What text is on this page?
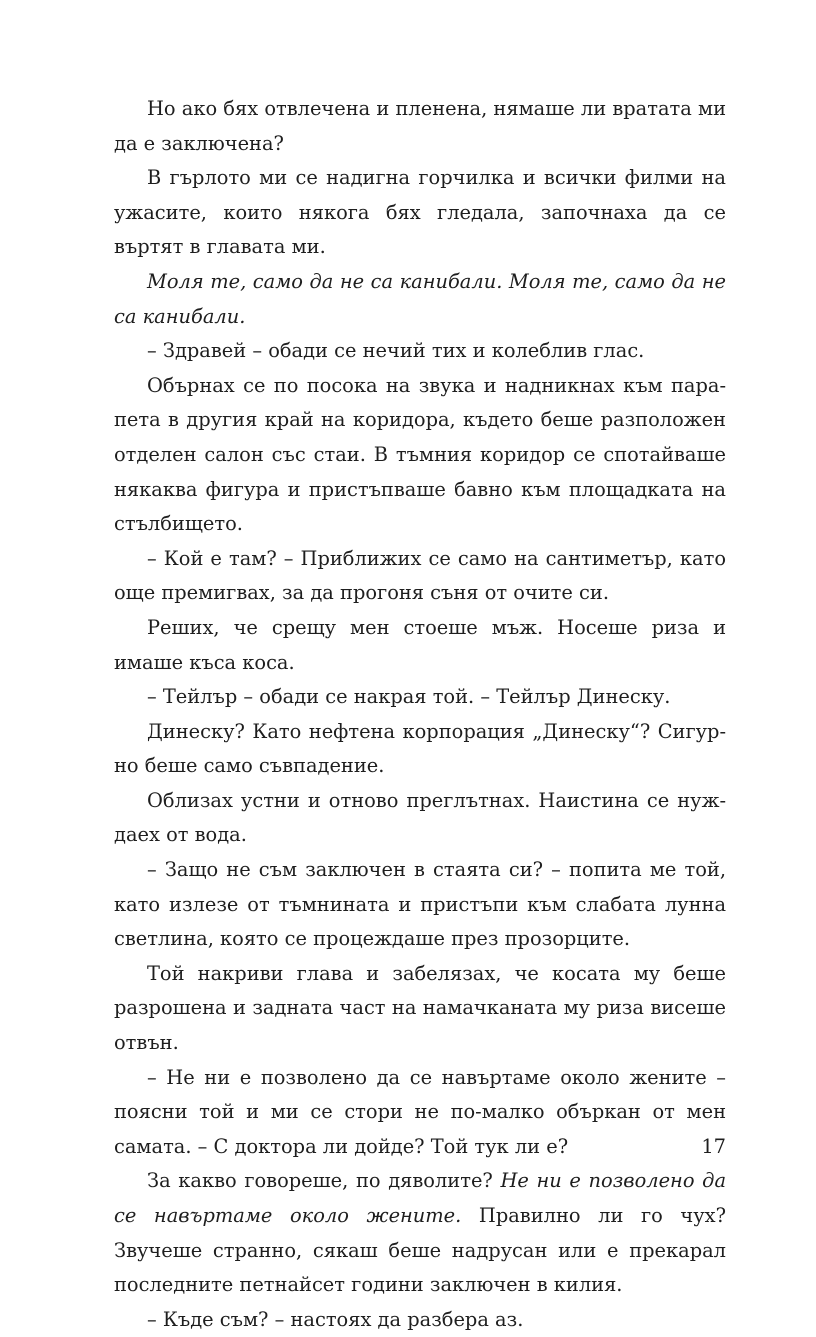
Но ако бях отвлечена и пленена, нямаше ли вратата ми да е заключена?

В гърлото ми се надигна горчилка и всички филми на ужасите, които някога бях гледала, започнаха да се въртят в главата ми.

Моля те, само да не са канибали. Моля те, само да не са канибали.

– Здравей – обади се нечий тих и колеблив глас.

Обърнах се по посока на звука и надникнах към парапета в другия край на коридора, където беше разположен отделен салон със стаи. В тъмния коридор се спотайваше някаква фигура и пристъпваше бавно към площадката на стълбището.

– Кой е там? – Приближих се само на сантиметър, като още премигвах, за да прогоня съня от очите си.

Реших, че срещу мен стоеше мъж. Носеше риза и имаше къса коса.

– Тейлър – обади се накрая той. – Тейлър Динеску.

Динеску? Като нефтена корпорация „Динеску“? Сигурно беше само съвпадение.

Облизах устни и отново преглътнах. Наистина се нуждаех от вода.

– Защо не съм заключен в стаята си? – попита ме той, като излезе от тъмнината и пристъпи към слабата лунна светлина, която се процеждаше през прозорците.

Той накриви глава и забелязах, че косата му беше разрошена и задната част на намачканата му риза висеше отвън.

– Не ни е позволено да се навъртаме около жените – поясни той и ми се стори не по-малко объркан от мен самата. – С доктора ли дойде? Той тук ли е?

За какво говореше, по дяволите? Не ни е позволено да се навъртаме около жените. Правилно ли го чух? Звучеше странно, сякаш беше надрусан или е прекарал последните петнайсет години заключен в килия.

– Къде съм? – настоях да разбера аз.

17
